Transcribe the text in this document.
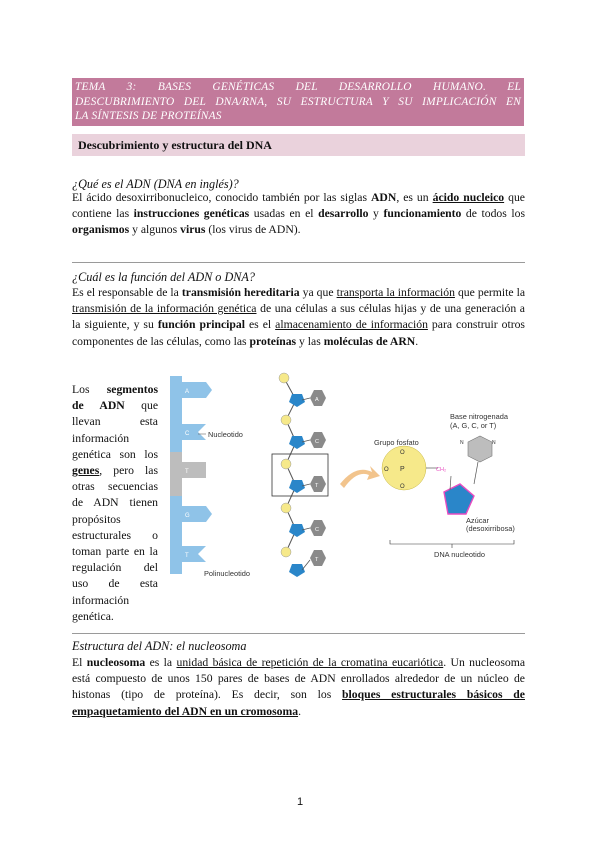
TEMA 3: BASES GENÉTICAS DEL DESARROLLO HUMANO. EL
DESCUBRIMIENTO DEL DNA/RNA, SU ESTRUCTURA Y SU IMPLICACIÓN EN
LA SÍNTESIS DE PROTEÍNAS
Descubrimiento y estructura del DNA
¿Qué es el ADN (DNA en inglés)?
El ácido desoxirribonucleico, conocido también por las siglas ADN, es un ácido nucleico que contiene las instrucciones genéticas usadas en el desarrollo y funcionamiento de todos los organismos y algunos virus (los virus de ADN).
¿Cuál es la función del ADN o DNA?
Es el responsable de la transmisión hereditaria ya que transporta la información que permite la transmisión de la información genética de una células a sus células hijas y de una generación a la siguiente, y su función principal es el almacenamiento de información para construir otros componentes de las células, como las proteínas y las moléculas de ARN.
Los segmentos
de ADN que
llevan esta
información
genética son los
genes, pero las
otras secuencias
de ADN tienen
propósitos
estructurales o
toman parte en la
regulación del
uso de esta
información genética.
A
C
T
G
T
A
C
T
C
T
P
O
O
O	CH₂
N	N
Nucleotido
Polinucleotido
Grupo fosfato
Base nitrogenada
(A, G, C, or T)
Azúcar
(desoxirribosa)
DNA nucleotido
Estructura del ADN: el nucleosoma
El nucleosoma es la unidad básica de repetición de la cromatina eucariótica. Un nucleosoma está compuesto de unos 150 pares de bases de ADN enrollados alrededor de un núcleo de histonas (tipo de proteína). Es decir, son los bloques estructurales básicos de empaquetamiento del ADN en un cromosoma.
1
